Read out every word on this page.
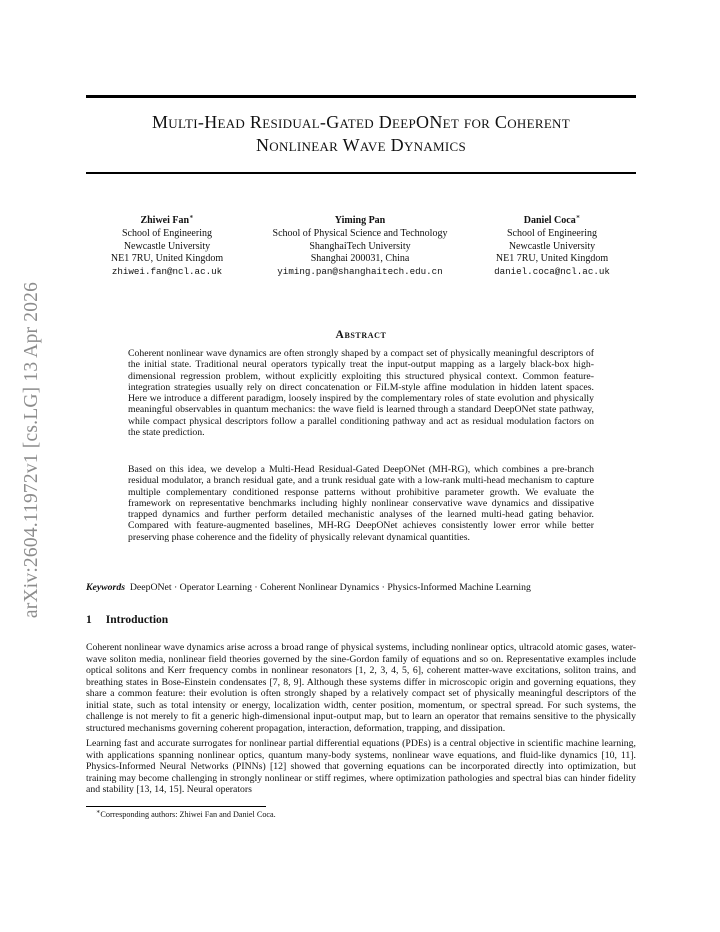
arXiv:2604.11972v1 [cs.LG] 13 Apr 2026
Multi-Head Residual-Gated DeepONet for Coherent
Nonlinear Wave Dynamics
Zhiwei Fan∗
School of Engineering
Newcastle University
NE1 7RU, United Kingdom
zhiwei.fan@ncl.ac.uk
Yiming Pan
School of Physical Science and Technology
ShanghaiTech University
Shanghai 200031, China
yiming.pan@shanghaitech.edu.cn
Daniel Coca∗
School of Engineering
Newcastle University
NE1 7RU, United Kingdom
daniel.coca@ncl.ac.uk
Abstract
Coherent nonlinear wave dynamics are often strongly shaped by a compact set of physically meaningful descriptors of the initial state. Traditional neural operators typically treat the input-output mapping as a largely black-box high-dimensional regression problem, without explicitly exploiting this structured physical context. Common feature-integration strategies usually rely on direct concatenation or FiLM-style affine modulation in hidden latent spaces. Here we introduce a different paradigm, loosely inspired by the complementary roles of state evolution and physically meaningful observables in quantum mechanics: the wave field is learned through a standard DeepONet state pathway, while compact physical descriptors follow a parallel conditioning pathway and act as residual modulation factors on the state prediction.
Based on this idea, we develop a Multi-Head Residual-Gated DeepONet (MH-RG), which combines a pre-branch residual modulator, a branch residual gate, and a trunk residual gate with a low-rank multi-head mechanism to capture multiple complementary conditioned response patterns without prohibitive parameter growth. We evaluate the framework on representative benchmarks including highly nonlinear conservative wave dynamics and dissipative trapped dynamics and further perform detailed mechanistic analyses of the learned multi-head gating behavior. Compared with feature-augmented baselines, MH-RG DeepONet achieves consistently lower error while better preserving phase coherence and the fidelity of physically relevant dynamical quantities.
Keywords DeepONet · Operator Learning · Coherent Nonlinear Dynamics · Physics-Informed Machine Learning
1 Introduction
Coherent nonlinear wave dynamics arise across a broad range of physical systems, including nonlinear optics, ultracold atomic gases, water-wave soliton media, nonlinear field theories governed by the sine-Gordon family of equations and so on. Representative examples include optical solitons and Kerr frequency combs in nonlinear resonators [1, 2, 3, 4, 5, 6], coherent matter-wave excitations, soliton trains, and breathing states in Bose-Einstein condensates [7, 8, 9]. Although these systems differ in microscopic origin and governing equations, they share a common feature: their evolution is often strongly shaped by a relatively compact set of physically meaningful descriptors of the initial state, such as total intensity or energy, localization width, center position, momentum, or spectral spread. For such systems, the challenge is not merely to fit a generic high-dimensional input-output map, but to learn an operator that remains sensitive to the physically structured mechanisms governing coherent propagation, interaction, deformation, trapping, and dissipation.
Learning fast and accurate surrogates for nonlinear partial differential equations (PDEs) is a central objective in scientific machine learning, with applications spanning nonlinear optics, quantum many-body systems, nonlinear wave equations, and fluid-like dynamics [10, 11]. Physics-Informed Neural Networks (PINNs) [12] showed that governing equations can be incorporated directly into optimization, but training may become challenging in strongly nonlinear or stiff regimes, where optimization pathologies and spectral bias can hinder fidelity and stability [13, 14, 15]. Neural operators
∗Corresponding authors: Zhiwei Fan and Daniel Coca.
